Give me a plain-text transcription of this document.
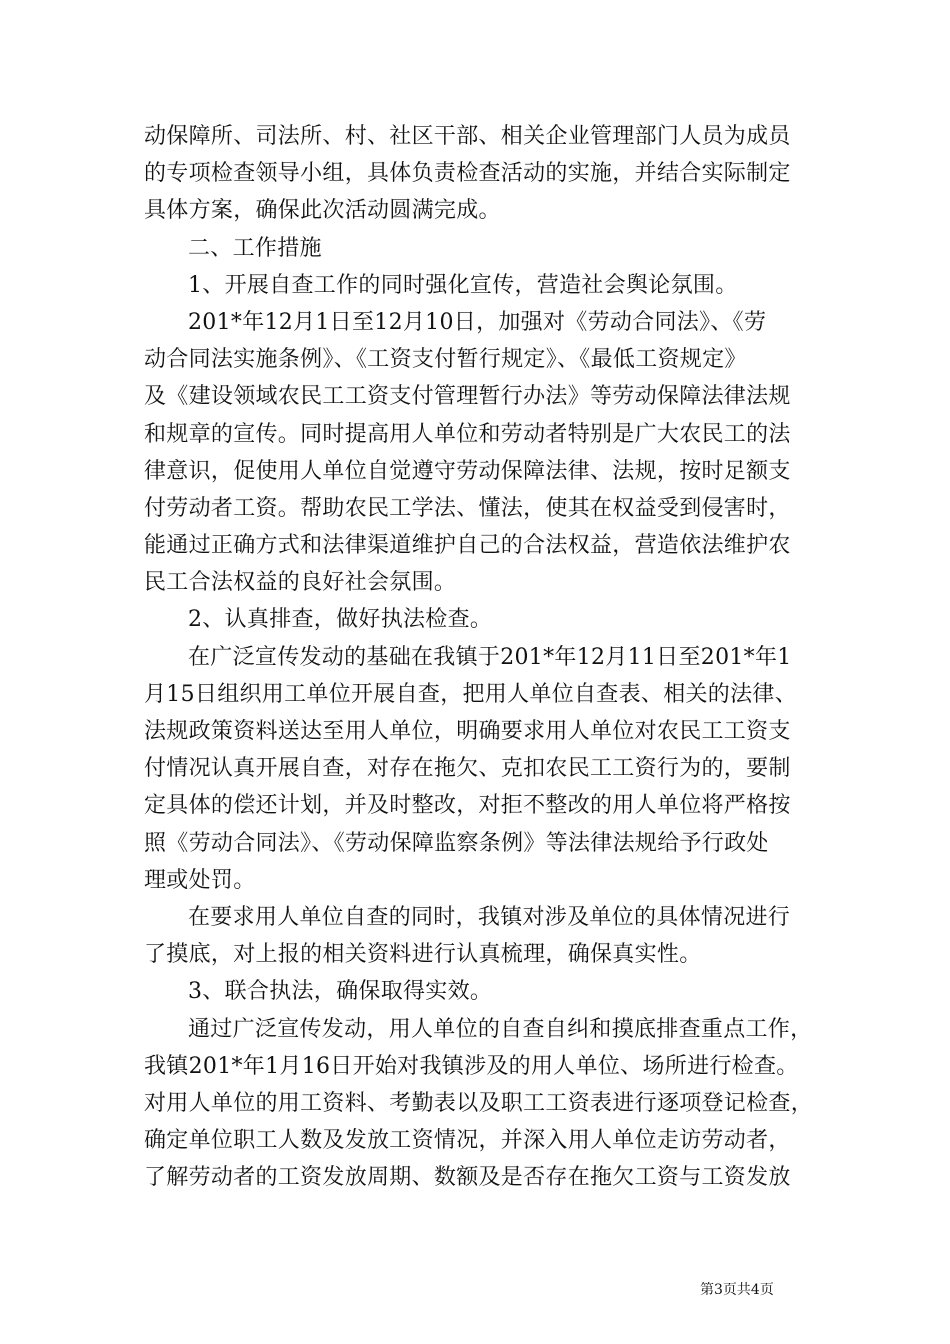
动保障所、司法所、村、社区干部、相关企业管理部门人员为成员
的专项检查领导小组，具体负责检查活动的实施，并结合实际制定
具体方案，确保此次活动圆满完成。
二、工作措施
1、开展自查工作的同时强化宣传，营造社会舆论氛围。
201*年12月1日至12月10日，加强对《劳动合同法》、《劳
动合同法实施条例》、《工资支付暂行规定》、《最低工资规定》
及《建设领域农民工工资支付管理暂行办法》等劳动保障法律法规
和规章的宣传。同时提高用人单位和劳动者特别是广大农民工的法
律意识，促使用人单位自觉遵守劳动保障法律、法规，按时足额支
付劳动者工资。帮助农民工学法、懂法，使其在权益受到侵害时，
能通过正确方式和法律渠道维护自己的合法权益，营造依法维护农
民工合法权益的良好社会氛围。
2、认真排查，做好执法检查。
在广泛宣传发动的基础在我镇于201*年12月11日至201*年1
月15日组织用工单位开展自查，把用人单位自查表、相关的法律、
法规政策资料送达至用人单位，明确要求用人单位对农民工工资支
付情况认真开展自查，对存在拖欠、克扣农民工工资行为的，要制
定具体的偿还计划，并及时整改，对拒不整改的用人单位将严格按
照《劳动合同法》、《劳动保障监察条例》等法律法规给予行政处
理或处罚。
在要求用人单位自查的同时，我镇对涉及单位的具体情况进行
了摸底，对上报的相关资料进行认真梳理，确保真实性。
3、联合执法，确保取得实效。
通过广泛宣传发动，用人单位的自查自纠和摸底排查重点工作，
我镇201*年1月16日开始对我镇涉及的用人单位、场所进行检查。
对用人单位的用工资料、考勤表以及职工工资表进行逐项登记检查，
确定单位职工人数及发放工资情况，并深入用人单位走访劳动者，
了解劳动者的工资发放周期、数额及是否存在拖欠工资与工资发放
第3页共4页
